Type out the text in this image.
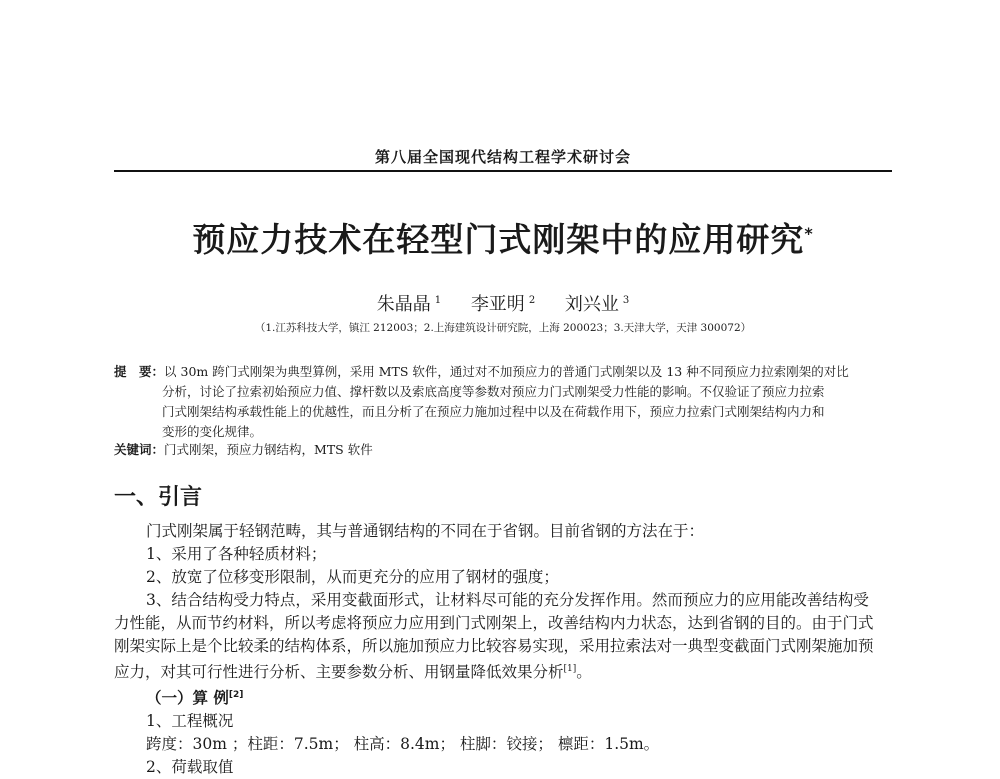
第八届全国现代结构工程学术研讨会
预应力技术在轻型门式刚架中的应用研究*
朱晶晶 $^1$ 李亚明 $^2$ 刘兴业 $^3$
（1.江苏科技大学，镇江 212003；2.上海建筑设计研究院，上海 200023；3.天津大学，天津 300072）
提　要：以 30m 跨门式刚架为典型算例，采用 MTS 软件，通过对不加预应力的普通门式刚架以及 13 种不同预应力拉索刚架的对比
分析，讨论了拉索初始预应力值、撑杆数以及索底高度等参数对预应力门式刚架受力性能的影响。不仅验证了预应力拉索
门式刚架结构承载性能上的优越性，而且分析了在预应力施加过程中以及在荷载作用下，预应力拉索门式刚架结构内力和
变形的变化规律。
关键词：门式刚架，预应力钢结构，MTS 软件
一、引言
门式刚架属于轻钢范畴，其与普通钢结构的不同在于省钢。目前省钢的方法在于：
1、采用了各种轻质材料；
2、放宽了位移变形限制，从而更充分的应用了钢材的强度；
3、结合结构受力特点，采用变截面形式，让材料尽可能的充分发挥作用。然而预应力的应用能改善结构受
力性能，从而节约材料，所以考虑将预应力应用到门式刚架上，改善结构内力状态，达到省钢的目的。由于门式
刚架实际上是个比较柔的结构体系，所以施加预应力比较容易实现，采用拉索法对一典型变截面门式刚架施加预
应力，对其可行性进行分析、主要参数分析、用钢量降低效果分析[1]。
（一）算 例[2]
1、工程概况
跨度：30m ；柱距：7.5m； 柱高：8.4m； 柱脚：铰接； 檩距：1.5m。
2、荷载取值
